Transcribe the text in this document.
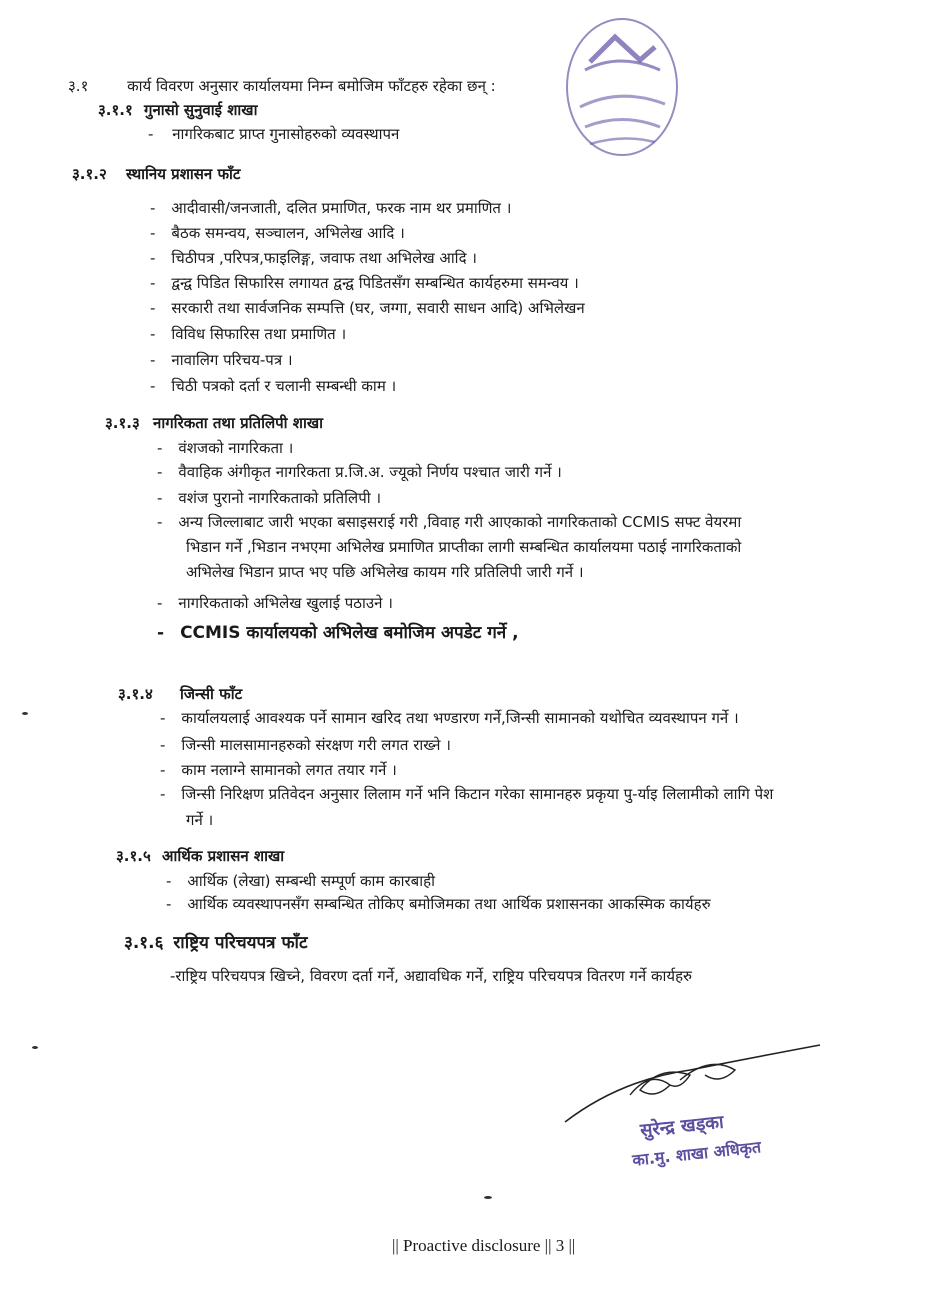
३.१	कार्य विवरण अनुसार कार्यालयमा निम्न बमोजिम फाँटहरु रहेका छन् :
३.१.१ गुनासो सुनुवाई शाखा
- नागरिकबाट प्राप्त गुनासोहरुको व्यवस्थापन
३.१.२ स्थानिय प्रशासन फाँट
- आदीवासी/जनजाती, दलित प्रमाणित, फरक नाम थर प्रमाणित ।
- बैठक समन्वय, सञ्चालन, अभिलेख आदि ।
- चिठीपत्र ,परिपत्र,फाइलिङ्ग, जवाफ तथा अभिलेख आदि ।
- द्वन्द्व पिडित सिफारिस लगायत द्वन्द्व पिडितसँग सम्बन्धित कार्यहरुमा समन्वय ।
- सरकारी तथा सार्वजनिक सम्पत्ति (घर, जग्गा, सवारी साधन आदि) अभिलेखन
- विविध सिफारिस तथा प्रमाणित ।
- नावालिग परिचय-पत्र ।
- चिठी पत्रको दर्ता र चलानी सम्बन्धी काम ।
३.१.३ नागरिकता तथा प्रतिलिपी शाखा
- वंशजको नागरिकता ।
- वैवाहिक अंगीकृत नागरिकता प्र.जि.अ. ज्यूको निर्णय पश्चात जारी गर्ने ।
- वशंज पुरानो नागरिकताको प्रतिलिपी ।
- अन्य जिल्लाबाट जारी भएका बसाइसराई गरी ,विवाह गरी आएकाको नागरिकताको CCMIS सफ्ट वेयरमा
भिडान गर्ने ,भिडान नभएमा अभिलेख प्रमाणित प्राप्तीका लागी सम्बन्धित कार्यालयमा पठाई नागरिकताको
अभिलेख भिडान प्राप्त भए पछि अभिलेख कायम गरि प्रतिलिपी जारी गर्ने ।
- नागरिकताको अभिलेख खुलाई पठाउने ।
- CCMIS कार्यालयको अभिलेख बमोजिम अपडेट गर्ने ,
३.१.४ जिन्सी फाँट
- कार्यालयलाई आवश्यक पर्ने सामान खरिद तथा भण्डारण गर्ने,जिन्सी सामानको यथोचित व्यवस्थापन गर्ने ।
- जिन्सी मालसामानहरुको संरक्षण गरी लगत राख्ने ।
- काम नलाग्ने सामानको लगत तयार गर्ने ।
- जिन्सी निरिक्षण प्रतिवेदन अनुसार लिलाम गर्ने भनि किटान गरेका सामानहरु प्रकृया पु-र्याइ लिलामीको लागि पेश
गर्ने ।
३.१.५ आर्थिक प्रशासन शाखा
- आर्थिक (लेखा) सम्बन्धी सम्पूर्ण काम कारबाही
- आर्थिक व्यवस्थापनसँग सम्बन्धित तोकिए बमोजिमका तथा आर्थिक प्रशासनका आकस्मिक कार्यहरु
३.१.६ राष्ट्रिय परिचयपत्र फाँट
-राष्ट्रिय परिचयपत्र खिच्ने, विवरण दर्ता गर्ने, अद्यावधिक गर्ने, राष्ट्रिय परिचयपत्र वितरण गर्ने कार्यहरु
सुरेन्द्र खड्का
का.मु. शाखा अधिकृत
|| Proactive disclosure || 3 ||
